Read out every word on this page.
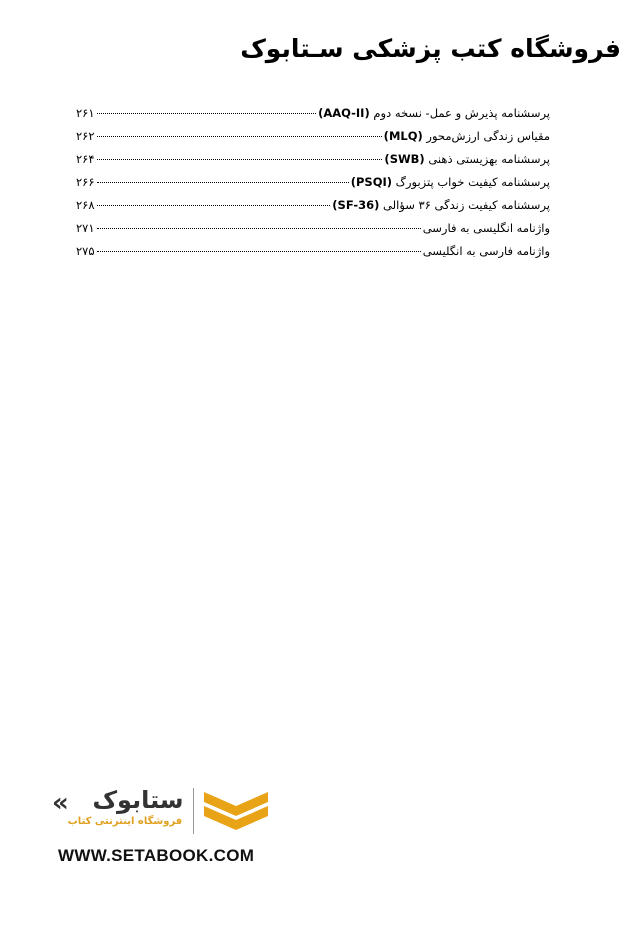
فروشگاه کتب پزشکی سـتابوک
پرسشنامه پذیرش و عمل- نسخه دوم (AAQ-II)
۲۶۱
مقیاس زندگی ارزش‌محور (MLQ)
۲۶۲
پرسشنامه بهزیستی ذهنی (SWB)
۲۶۴
پرسشنامه کیفیت خواب پتزبورگ (PSQI)
۲۶۶
پرسشنامه کیفیت زندگی ۳۶ سؤالی (SF-36)
۲۶۸
واژنامه انگلیسی به فارسی
۲۷۱
واژنامه فارسی به انگلیسی
۲۷۵
« ستابوک
فروشگاه اینترنتی کتاب
WWW.SETABOOK.COM
